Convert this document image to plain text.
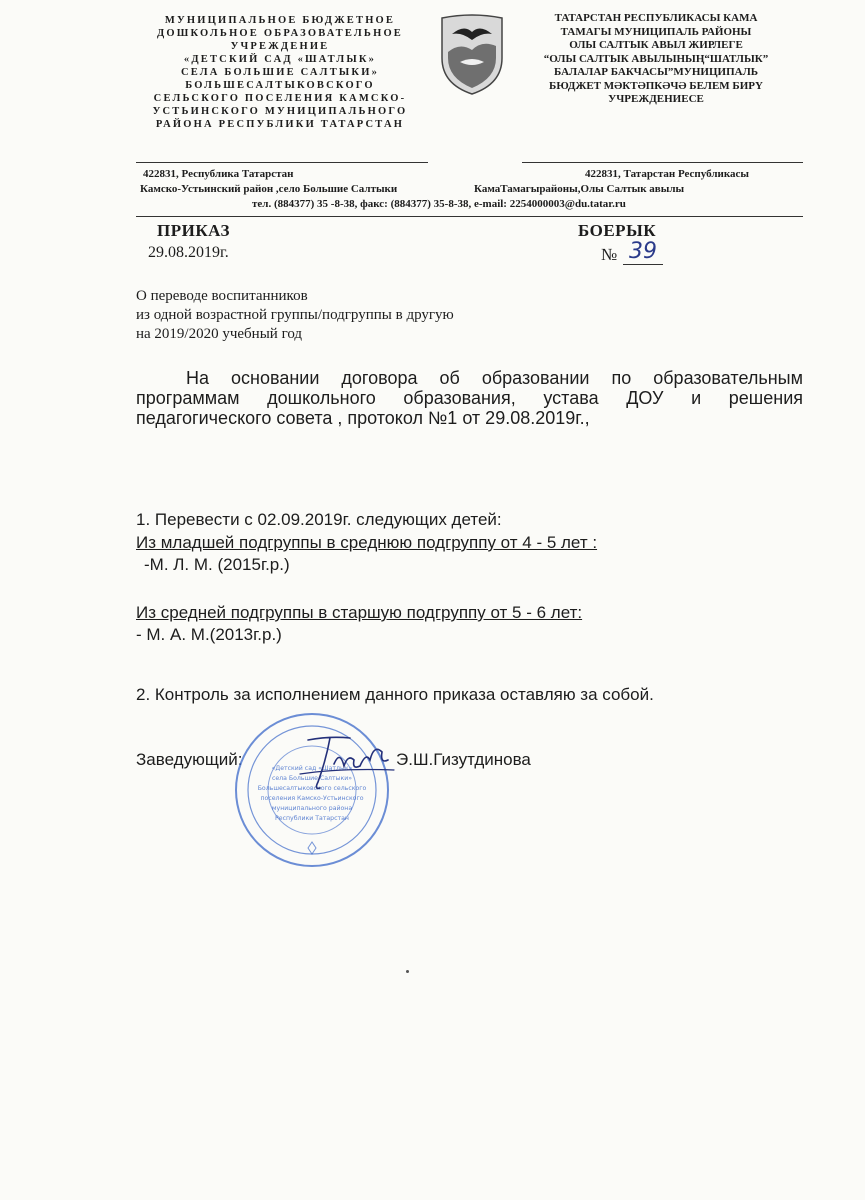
МУНИЦИПАЛЬНОЕ БЮДЖЕТНОЕ
ДОШКОЛЬНОЕ ОБРАЗОВАТЕЛЬНОЕ
УЧРЕЖДЕНИЕ
«ДЕТСКИЙ САД «ШАТЛЫК»
СЕЛА БОЛЬШИЕ САЛТЫКИ»
БОЛЬШЕСАЛТЫКОВСКОГО
СЕЛЬСКОГО ПОСЕЛЕНИЯ КАМСКО-
УСТЬИНСКОГО МУНИЦИПАЛЬНОГО
РАЙОНА РЕСПУБЛИКИ ТАТАРСТАН
ТАТАРСТАН РЕСПУБЛИКАСЫ КАМА
ТАМАГЫ МУНИЦИПАЛЬ РАЙОНЫ
ОЛЫ САЛТЫК АВЫЛ ЖИРЛЕГЕ
“ОЛЫ САЛТЫК АВЫЛЫНЫҢ“ШАТЛЫК”
БАЛАЛАР БАКЧАСЫ”МУНИЦИПАЛЬ
БЮДЖЕТ МӘКТӘПКӘЧӘ БЕЛЕМ БИРҮ
УЧРЕЖДЕНИЕСЕ
422831, Республика Татарстан
Камско-Устьинский район ,село Большие Салтыки
422831, Татарстан Республикасы
КамаТамагырайоны,Олы Салтык авылы
тел. (884377) 35 -8-38, факс: (884377) 35-8-38, e-mail: 2254000003@du.tatar.ru
ПРИКАЗ	БОЕРЫК
29.08.2019г.	№ 39
О переводе воспитанников
из одной возрастной группы/подгруппы в другую
на 2019/2020 учебный год
На основании договора об образовании по образовательным программам дошкольного образования, устава ДОУ и решения педагогического совета , протокол №1 от 29.08.2019г.,
1. Перевести с 02.09.2019г. следующих детей:
Из младшей подгруппы в среднюю подгруппу от 4 - 5 лет :
-М. Л. М. (2015г.р.)
Из средней подгруппы в старшую подгруппу от 5 - 6 лет:
- М. А. М.(2013г.р.)
2. Контроль за исполнением данного приказа оставляю за собой.
Заведующий:	Э.Ш.Гизутдинова
«Детский сад «Шатлык»
села Большие Салтыки»
Большесалтыковского сельского
поселения Камско-Устьинского
муниципального района
Республики Татарстан
